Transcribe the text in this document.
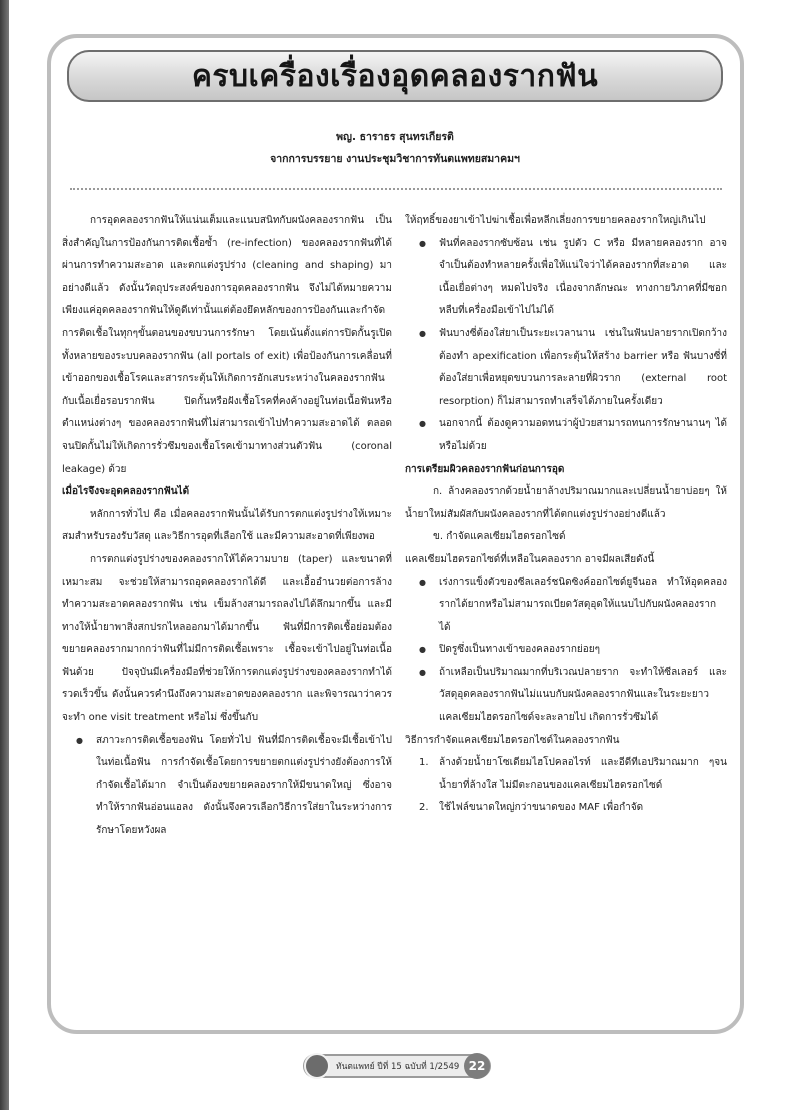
ครบเครื่องเรื่องอุดคลองรากฟัน
พญ. ธาราธร สุนทรเกียรติ
จากการบรรยาย งานประชุมวิชาการทันตแพทยสมาคมฯ

การอุดคลองรากฟันให้แน่นเต็มและแนบสนิทกับผนังคลองรากฟัน เป็นสิ่งสำคัญในการป้องกันการติดเชื้อซ้ำ (re-infection) ของคลองรากฟันที่ได้ผ่านการทำความสะอาด และตกแต่งรูปร่าง (cleaning and shaping) มาอย่างดีแล้ว ดังนั้นวัตถุประสงค์ของการอุดคลองรากฟัน จึงไม่ได้หมายความเพียงแค่อุดคลองรากฟันให้ดูดีเท่านั้นแต่ต้องยึดหลักของการป้องกันและกำจัดการติดเชื้อในทุกๆขั้นตอนของขบวนการรักษา โดยเน้นตั้งแต่การปิดกั้นรูเปิดทั้งหลายของระบบคลองรากฟัน (all portals of exit) เพื่อป้องกันการเคลื่อนที่เข้าออกของเชื้อโรคและสารกระตุ้นให้เกิดการอักเสบระหว่างในคลองรากฟันกับเนื้อเยื่อรอบรากฟัน ปิดกั้นหรือฝังเชื้อโรคที่คงค้างอยู่ในท่อเนื้อฟันหรือ ตำแหน่งต่างๆ ของคลองรากฟันที่ไม่สามารถเข้าไปทำความสะอาดได้ ตลอดจนปิดกั้นไม่ให้เกิดการรั่วซึมของเชื้อโรคเข้ามาทางส่วนตัวฟัน (coronal leakage) ด้วย

เมื่อไรจึงจะอุดคลองรากฟันได้

หลักการทั่วไป คือ เมื่อคลองรากฟันนั้นได้รับการตกแต่งรูปร่างให้เหมาะสมสำหรับรองรับวัสดุ และวิธีการอุดที่เลือกใช้ และมีความสะอาดที่เพียงพอ

การตกแต่งรูปร่างของคลองรากให้ได้ความบาย (taper) และขนาดที่เหมาะสม จะช่วยให้สามารถอุดคลองรากได้ดี และเอื้ออำนวยต่อการล้างทำความสะอาดคลองรากฟัน เช่น เข็มล้างสามารถลงไปได้ลึกมากขึ้น และมีทางให้น้ำยาพาสิ่งสกปรกไหลออกมาได้มากขึ้น ฟันที่มีการติดเชื้อย่อมต้องขยายคลองรากมากกว่าฟันที่ไม่มีการติดเชื้อเพราะ เชื้อจะเข้าไปอยู่ในท่อเนื้อฟันด้วย ปัจจุบันมีเครื่องมือที่ช่วยให้การตกแต่งรูปร่างของคลองรากทำได้รวดเร็วขึ้น ดังนั้นควรคำนึงถึงความสะอาดของคลองราก และพิจารณาว่าควรจะทำ one visit treatment หรือไม่ ซึ่งขึ้นกับ

● สภาวะการติดเชื้อของฟัน โดยทั่วไป ฟันที่มีการติดเชื้อจะมีเชื้อเข้าไปในท่อเนื้อฟัน การกำจัดเชื้อโดยการขยายตกแต่งรูปร่างยังต้องการให้กำจัดเชื้อได้มาก จำเป็นต้องขยายคลองรากให้มีขนาดใหญ่ ซึ่งอาจทำให้รากฟันอ่อนแอลง ดังนั้นจึงควรเลือกวิธีการใส่ยาในระหว่างการรักษาโดยหวังผล

ให้ฤทธิ์ของยาเข้าไปฆ่าเชื้อเพื่อหลีกเลี่ยงการขยายคลองรากใหญ่เกินไป

● ฟันที่คลองรากซับซ้อน เช่น รูปตัว C หรือ มีหลายคลองราก อาจจำเป็นต้องทำหลายครั้งเพื่อให้แน่ใจว่าได้คลองรากที่สะอาด และเนื้อเยื่อต่างๆ หมดไปจริง เนื่องจากลักษณะ ทางกายวิภาคที่มีซอกหลืบที่เครื่องมือเข้าไปไม่ได้

● ฟันบางซี่ต้องใส่ยาเป็นระยะเวลานาน เช่นในฟันปลายรากเปิดกว้าง ต้องทำ apexification เพื่อกระตุ้นให้สร้าง barrier หรือ ฟันบางซี่ที่ต้องใส่ยาเพื่อหยุดขบวนการละลายที่ผิวราก (external root resorption) ก็ไม่สามารถทำเสร็จได้ภายในครั้งเดียว

● นอกจากนี้ ต้องดูความอดทนว่าผู้ป่วยสามารถทนการรักษานานๆ ได้หรือไม่ด้วย

การเตรียมผิวคลองรากฟันก่อนการอุด

ก. ล้างคลองรากด้วยน้ำยาล้างปริมาณมากและเปลี่ยนน้ำยาบ่อยๆ ให้น้ำยาใหม่สัมผัสกับผนังคลองรากที่ได้ตกแต่งรูปร่างอย่างดีแล้ว

ข. กำจัดแคลเซียมไฮดรอกไซด์

แคลเซียมไฮดรอกไซด์ที่เหลือในคลองราก อาจมีผลเสียดังนี้

● เร่งการแข็งตัวของซีลเลอร์ชนิดซิงค์ออกไซด์ยูจีนอล ทำให้อุดคลองรากได้ยากหรือไม่สามารถเบียดวัสดุอุดให้แนบไปกับผนังคลองรากได้

● ปิดรูซึ่งเป็นทางเข้าของคลองรากย่อยๆ

● ถ้าเหลือเป็นปริมาณมากที่บริเวณปลายราก จะทำให้ซีลเลอร์ และวัสดุอุดคลองรากฟันไม่แนบกับผนังคลองรากฟันและในระยะยาว แคลเซียมไฮดรอกไซด์จะละลายไป เกิดการรั่วซึมได้

วิธีการกำจัดแคลเซียมไฮดรอกไซด์ในคลองรากฟัน

1. ล้างด้วยน้ำยาโซเดียมไฮโปคลอไรท์ และอีดีทีเอปริมาณมาก ๆจนน้ำยาที่ล้างใส ไม่มีตะกอนของแคลเซียมไฮดรอกไซด์

2. ใช้ไฟล์ขนาดใหญ่กว่าขนาดของ MAF เพื่อกำจัด

ทันตแพทย์ ปีที่ 15 ฉบับที่ 1/2549 22
